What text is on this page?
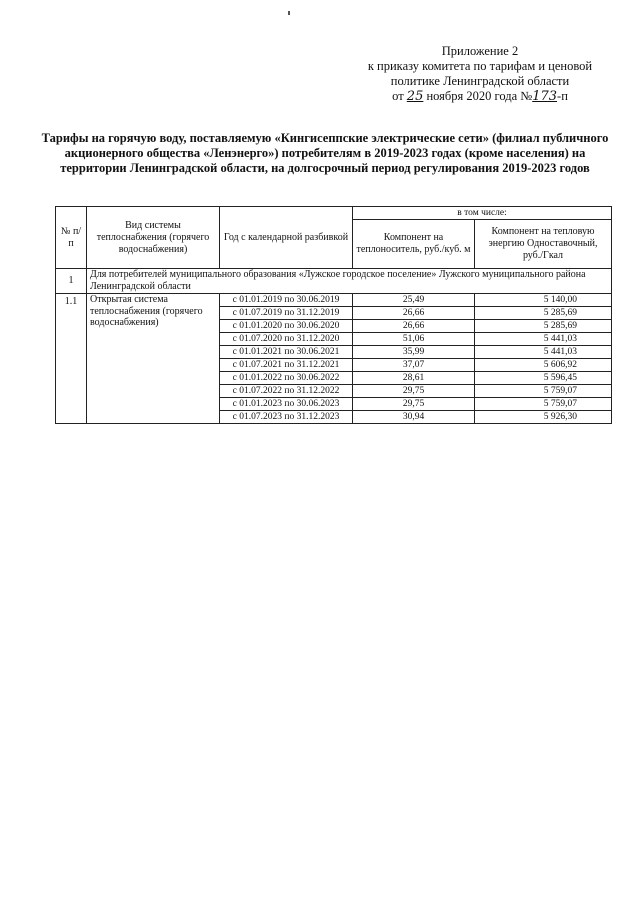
Приложение 2
к приказу комитета по тарифам и ценовой
политике Ленинградской области
от 25 ноября 2020 года №173-п
Тарифы на горячую воду, поставляемую «Кингисеппские электрические сети» (филиал публичного акционерного общества «Ленэнерго») потребителям в 2019-2023 годах (кроме населения) на территории Ленинградской области, на долгосрочный период регулирования 2019-2023 годов
№ п/п	Вид системы теплоснабжения (горячего водоснабжения)	Год с календарной разбивкой	в том числе:	
			Компонент на теплоноситель, руб./куб. м	Компонент на тепловую энергию Одноставочный, руб./Гкал
1	Для потребителей муниципального образования «Лужское городское поселение» Лужского муниципального района Ленинградской области			
1.1	Открытая система теплоснабжения (горячего водоснабжения)	с 01.01.2019 по 30.06.2019	25,49	5 140,00
		с 01.07.2019 по 31.12.2019	26,66	5 285,69
		с 01.01.2020 по 30.06.2020	26,66	5 285,69
		с 01.07.2020 по 31.12.2020	51,06	5 441,03
		с 01.01.2021 по 30.06.2021	35,99	5 441,03
		с 01.07.2021 по 31.12.2021	37,07	5 606,92
		с 01.01.2022 по 30.06.2022	28,61	5 596,45
		с 01.07.2022 по 31.12.2022	29,75	5 759,07
		с 01.01.2023 по 30.06.2023	29,75	5 759,07
		с 01.07.2023 по 31.12.2023	30,94	5 926,30
